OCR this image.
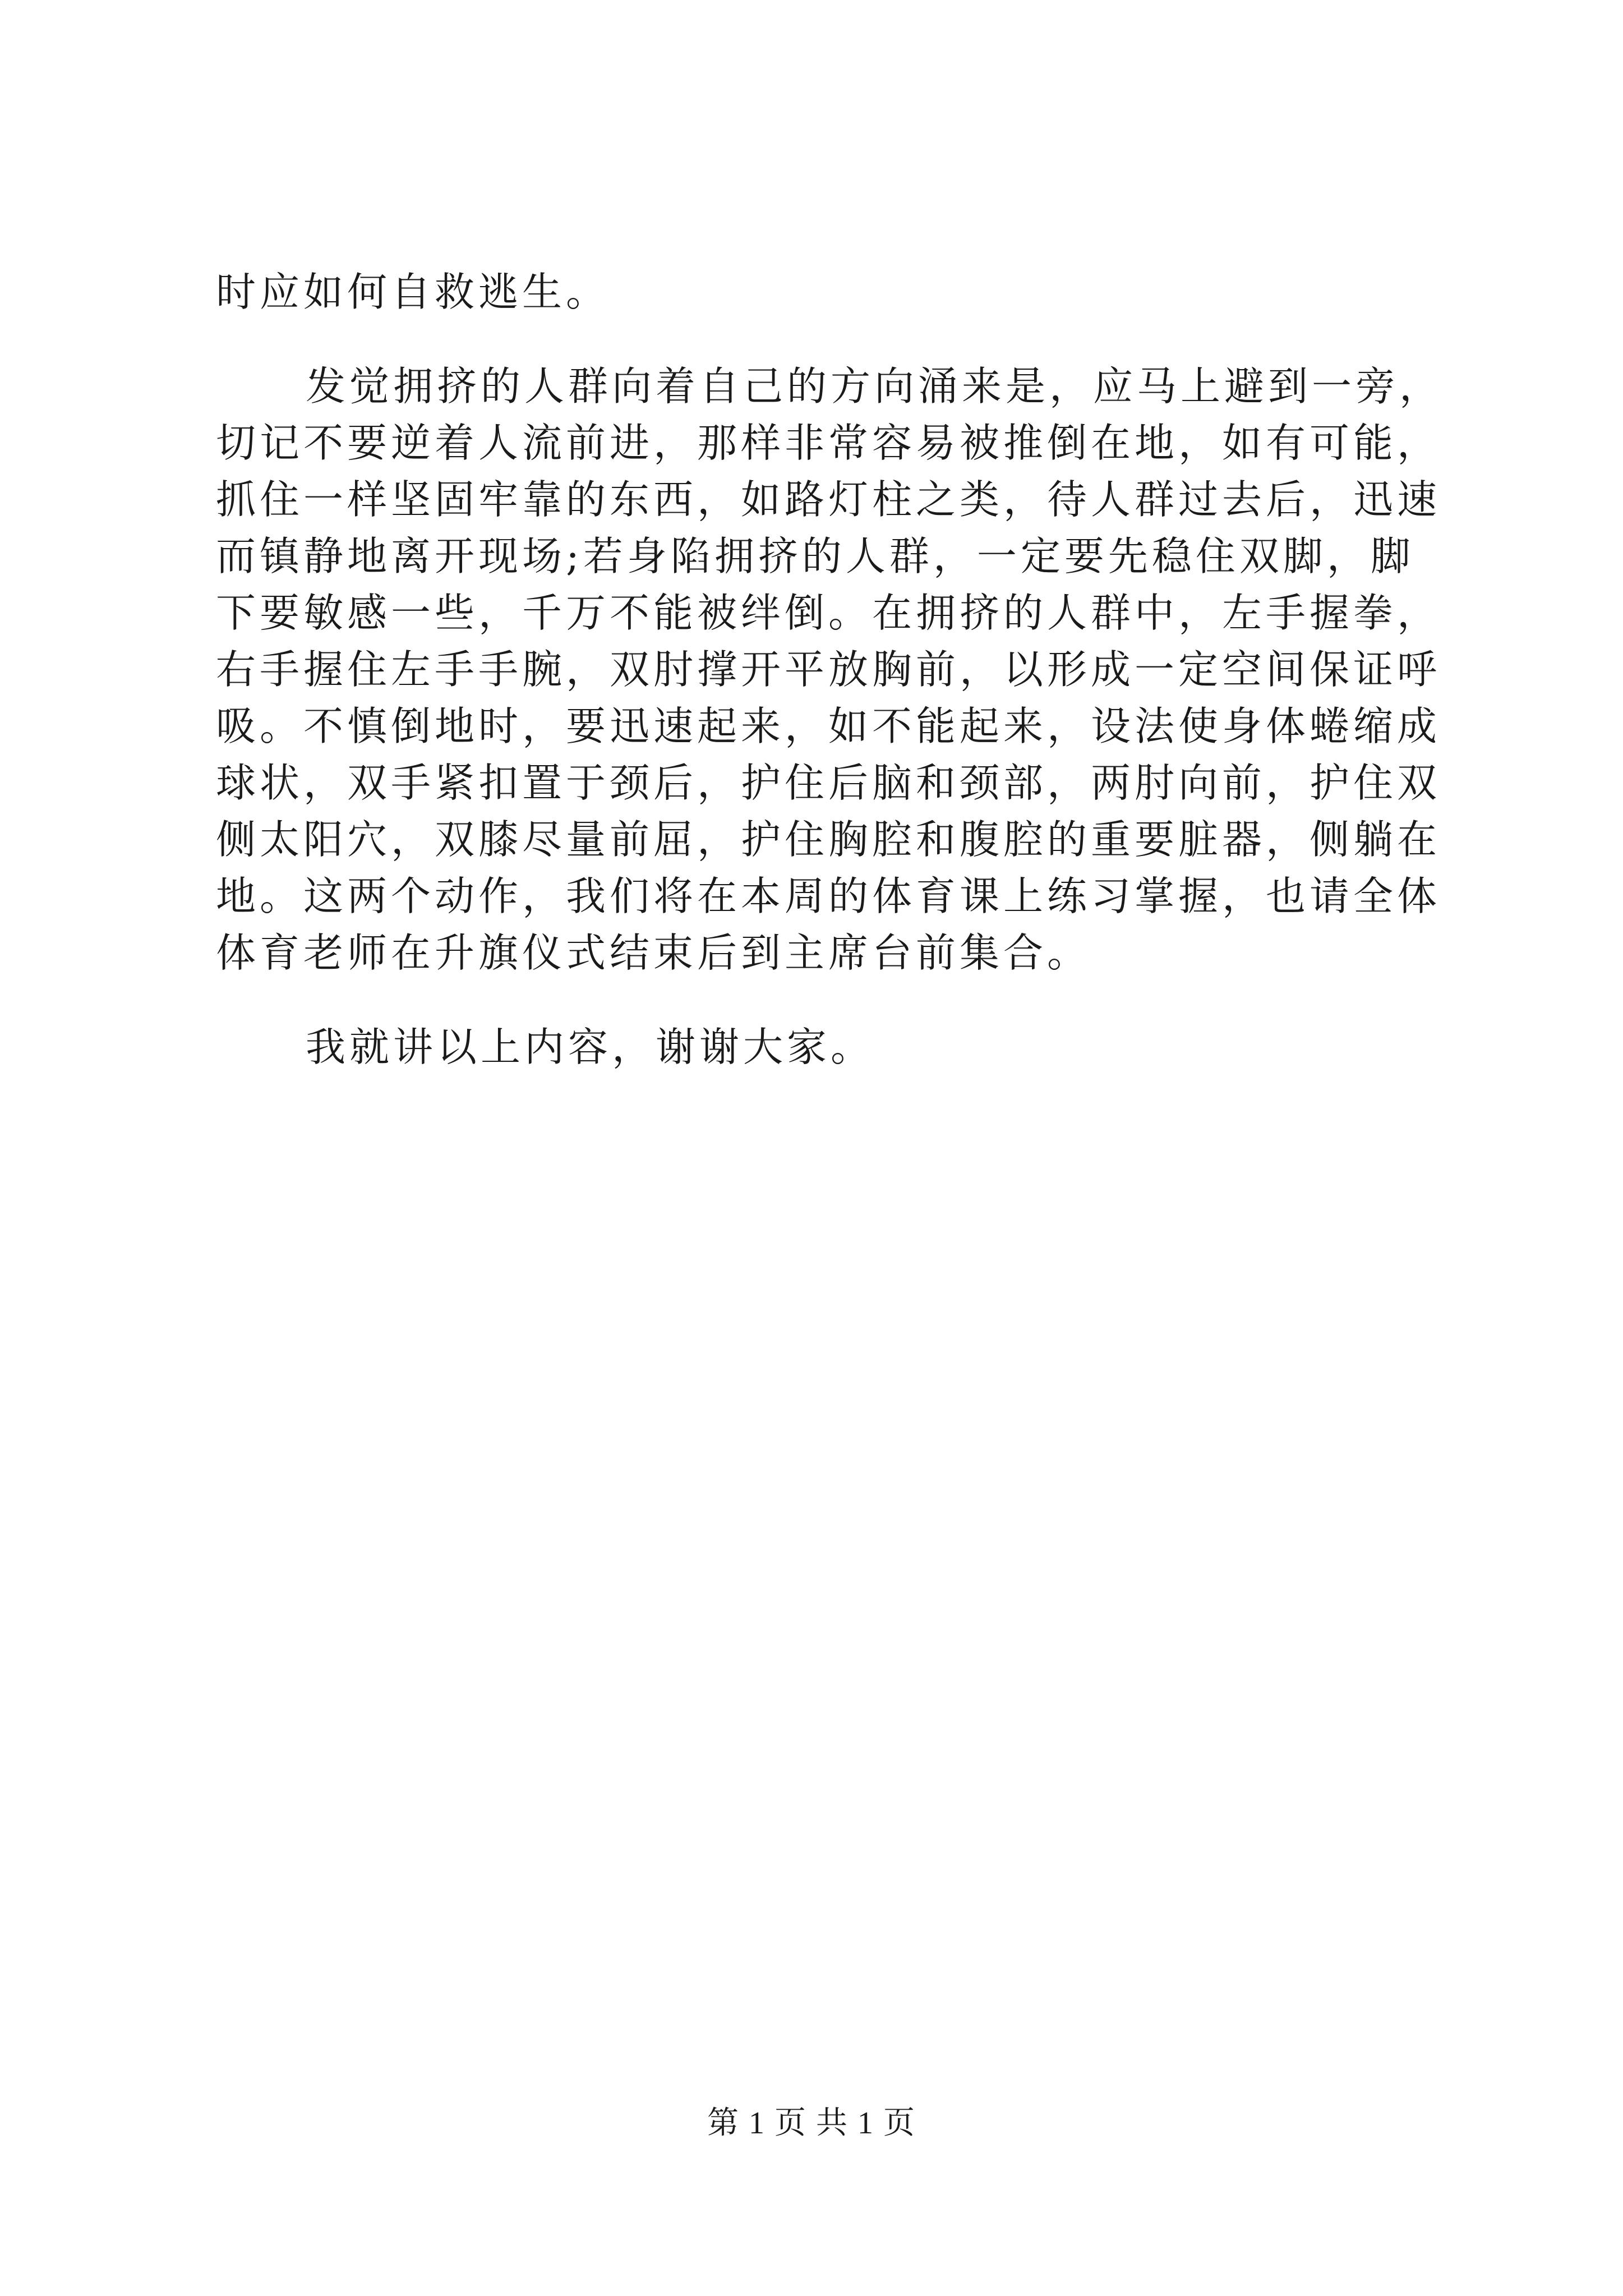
时应如何自救逃生。
发觉拥挤的人群向着自己的方向涌来是，应马上避到一旁，
切记不要逆着人流前进，那样非常容易被推倒在地，如有可能，
抓住一样坚固牢靠的东西，如路灯柱之类，待人群过去后，迅速
而镇静地离开现场;若身陷拥挤的人群，一定要先稳住双脚，脚
下要敏感一些，千万不能被绊倒。在拥挤的人群中，左手握拳，
右手握住左手手腕，双肘撑开平放胸前，以形成一定空间保证呼
吸。不慎倒地时，要迅速起来，如不能起来，设法使身体蜷缩成
球状，双手紧扣置于颈后，护住后脑和颈部，两肘向前，护住双
侧太阳穴，双膝尽量前屈，护住胸腔和腹腔的重要脏器，侧躺在
地。这两个动作，我们将在本周的体育课上练习掌握，也请全体
体育老师在升旗仪式结束后到主席台前集合。
我就讲以上内容，谢谢大家。
第 1 页 共 1 页
